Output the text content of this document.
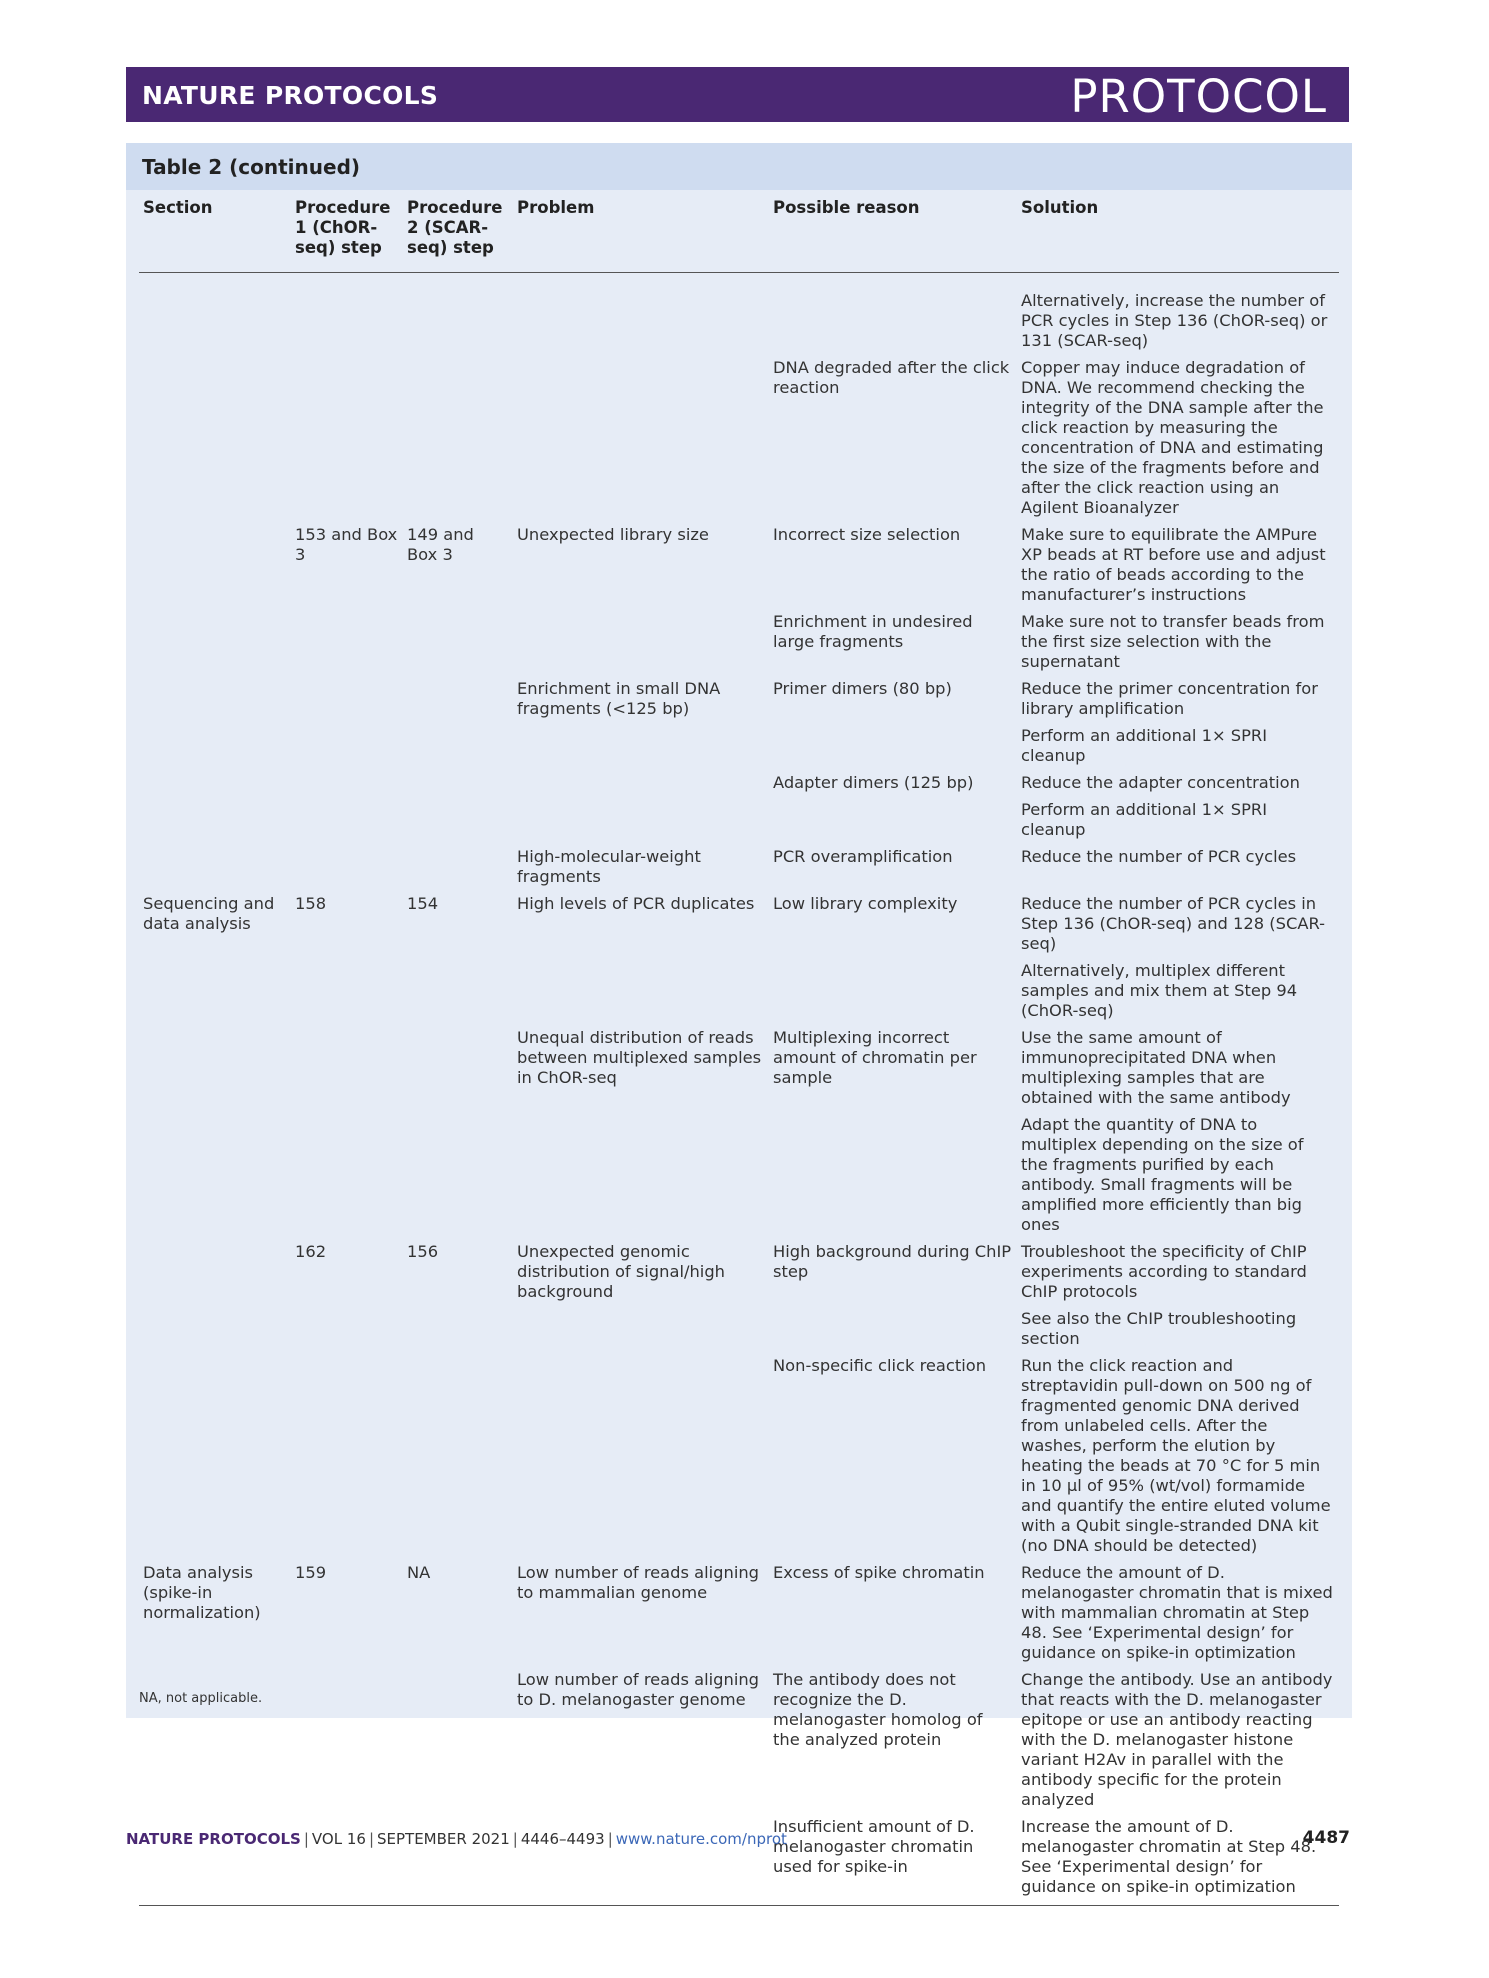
NATURE PROTOCOLS	PROTOCOL
Table 2 (continued)
Section	Procedure 1 (ChOR-seq) step	Procedure 2 (SCAR-seq) step	Problem	Possible reason	Solution
					Alternatively, increase the number of PCR cycles in Step 136 (ChOR-seq) or 131 (SCAR-seq)
				DNA degraded after the click reaction	Copper may induce degradation of DNA. We recommend checking the integrity of the DNA sample after the click reaction by measuring the concentration of DNA and estimating the size of the fragments before and after the click reaction using an Agilent Bioanalyzer
	153 and Box 3	149 and Box 3	Unexpected library size	Incorrect size selection	Make sure to equilibrate the AMPure XP beads at RT before use and adjust the ratio of beads according to the manufacturer’s instructions
				Enrichment in undesired large fragments	Make sure not to transfer beads from the first size selection with the supernatant
			Enrichment in small DNA fragments (<125 bp)	Primer dimers (80 bp)	Reduce the primer concentration for library amplification
					Perform an additional 1× SPRI cleanup
				Adapter dimers (125 bp)	Reduce the adapter concentration
					Perform an additional 1× SPRI cleanup
			High-molecular-weight fragments	PCR overamplification	Reduce the number of PCR cycles
Sequencing and data analysis	158	154	High levels of PCR duplicates	Low library complexity	Reduce the number of PCR cycles in Step 136 (ChOR-seq) and 128 (SCAR-seq)
					Alternatively, multiplex different samples and mix them at Step 94 (ChOR-seq)
			Unequal distribution of reads between multiplexed samples in ChOR-seq	Multiplexing incorrect amount of chromatin per sample	Use the same amount of immunoprecipitated DNA when multiplexing samples that are obtained with the same antibody
					Adapt the quantity of DNA to multiplex depending on the size of the fragments purified by each antibody. Small fragments will be amplified more efficiently than big ones
	162	156	Unexpected genomic distribution of signal/high background	High background during ChIP step	Troubleshoot the specificity of ChIP experiments according to standard ChIP protocols
					See also the ChIP troubleshooting section
				Non-specific click reaction	Run the click reaction and streptavidin pull-down on 500 ng of fragmented genomic DNA derived from unlabeled cells. After the washes, perform the elution by heating the beads at 70 °C for 5 min in 10 μl of 95% (wt/vol) formamide and quantify the entire eluted volume with a Qubit single-stranded DNA kit (no DNA should be detected)
Data analysis (spike-in normalization)	159	NA	Low number of reads aligning to mammalian genome	Excess of spike chromatin	Reduce the amount of D. melanogaster chromatin that is mixed with mammalian chromatin at Step 48. See ‘Experimental design’ for guidance on spike-in optimization
			Low number of reads aligning to D. melanogaster genome	The antibody does not recognize the D. melanogaster homolog of the analyzed protein	Change the antibody. Use an antibody that reacts with the D. melanogaster epitope or use an antibody reacting with the D. melanogaster histone variant H2Av in parallel with the antibody specific for the protein analyzed
				Insufficient amount of D. melanogaster chromatin used for spike-in	Increase the amount of D. melanogaster chromatin at Step 48. See ‘Experimental design’ for guidance on spike-in optimization
NA, not applicable.
NATURE PROTOCOLS | VOL 16 | SEPTEMBER 2021 | 4446–4493 | www.nature.com/nprot	4487
